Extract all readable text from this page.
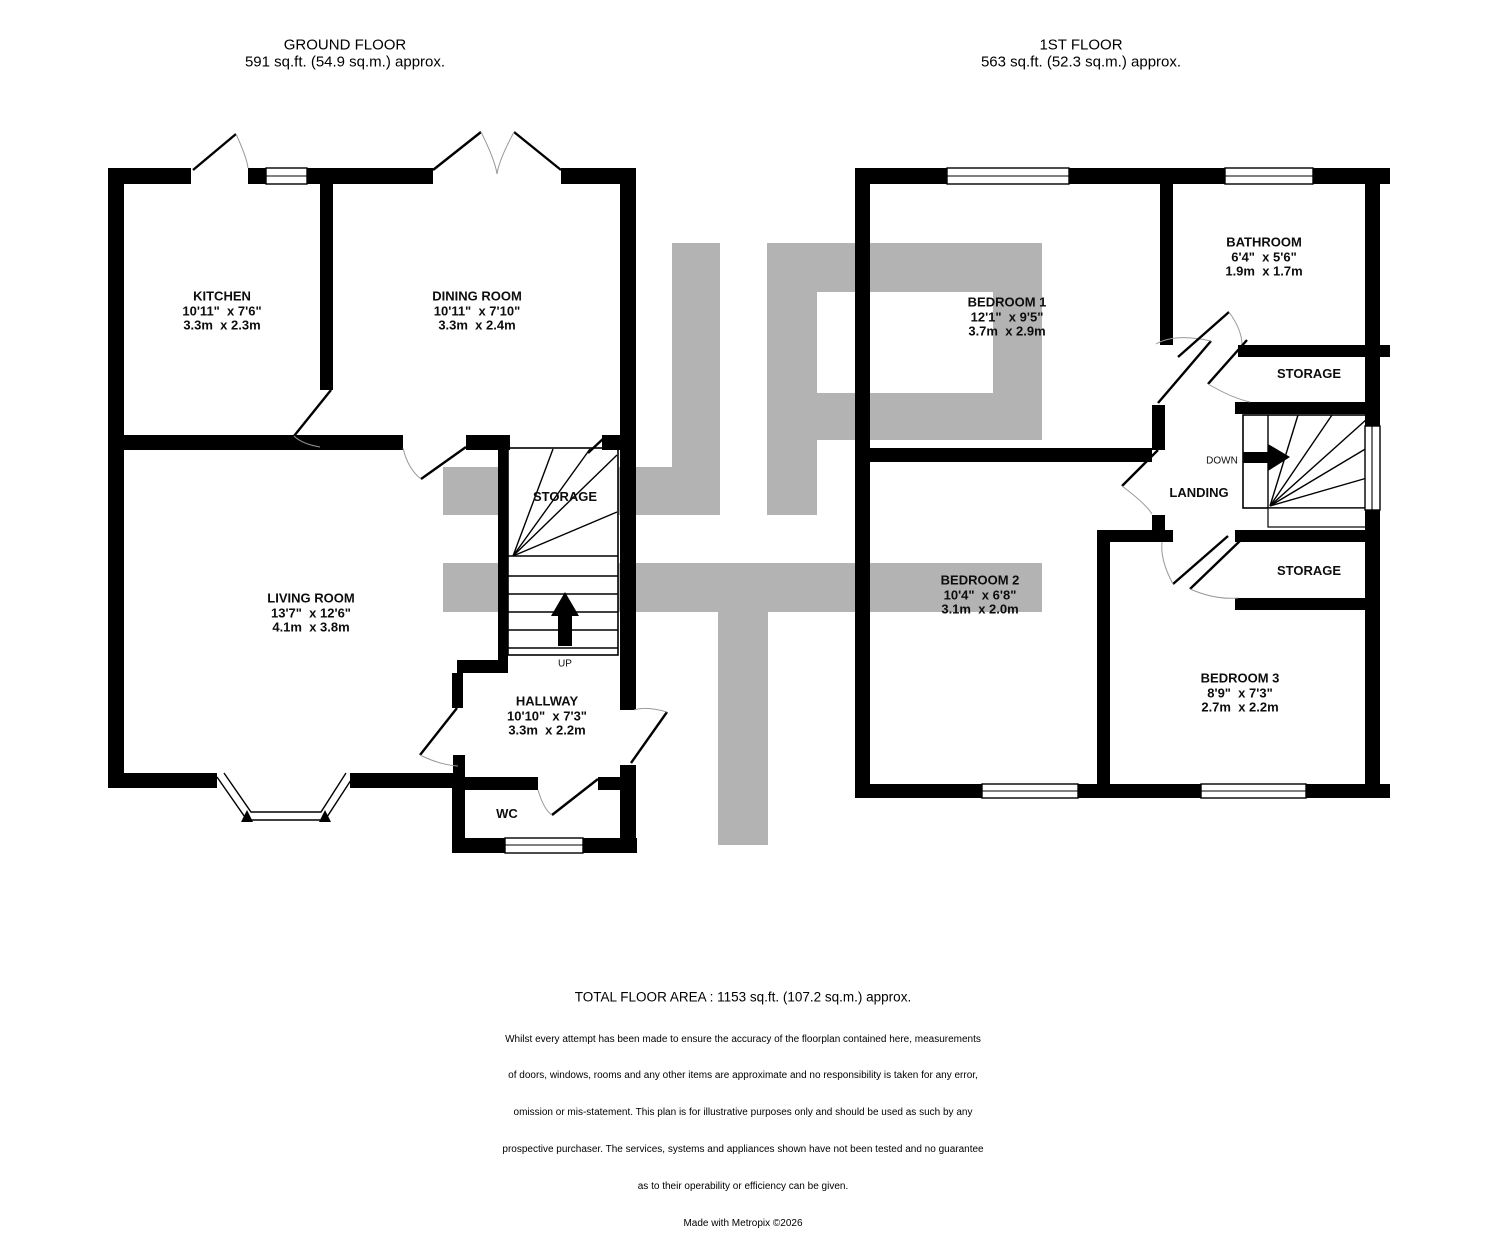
GROUND FLOOR
591 sq.ft. (54.9 sq.m.) approx.
1ST FLOOR
563 sq.ft. (52.3 sq.m.) approx.
KITCHEN
10'11"  x 7'6"
3.3m  x 2.3m
DINING ROOM
10'11"  x 7'10"
3.3m  x 2.4m
LIVING ROOM
13'7"  x 12'6"
4.1m  x 3.8m
STORAGE
UP
HALLWAY
10'10"  x 7'3"
3.3m  x 2.2m
WC
BEDROOM 1
12'1"  x 9'5"
3.7m  x 2.9m
BATHROOM
6'4"  x 5'6"
1.9m  x 1.7m
STORAGE
DOWN
LANDING
STORAGE
BEDROOM 2
10'4"  x 6'8"
3.1m  x 2.0m
BEDROOM 3
8'9"  x 7'3"
2.7m  x 2.2m
TOTAL FLOOR AREA : 1153 sq.ft. (107.2 sq.m.) approx.

Whilst every attempt has been made to ensure the accuracy of the floorplan contained here, measurements

of doors, windows, rooms and any other items are approximate and no responsibility is taken for any error,

omission or mis-statement. This plan is for illustrative purposes only and should be used as such by any

prospective purchaser. The services, systems and appliances shown have not been tested and no guarantee

as to their operability or efficiency can be given.

Made with Metropix ©2026
